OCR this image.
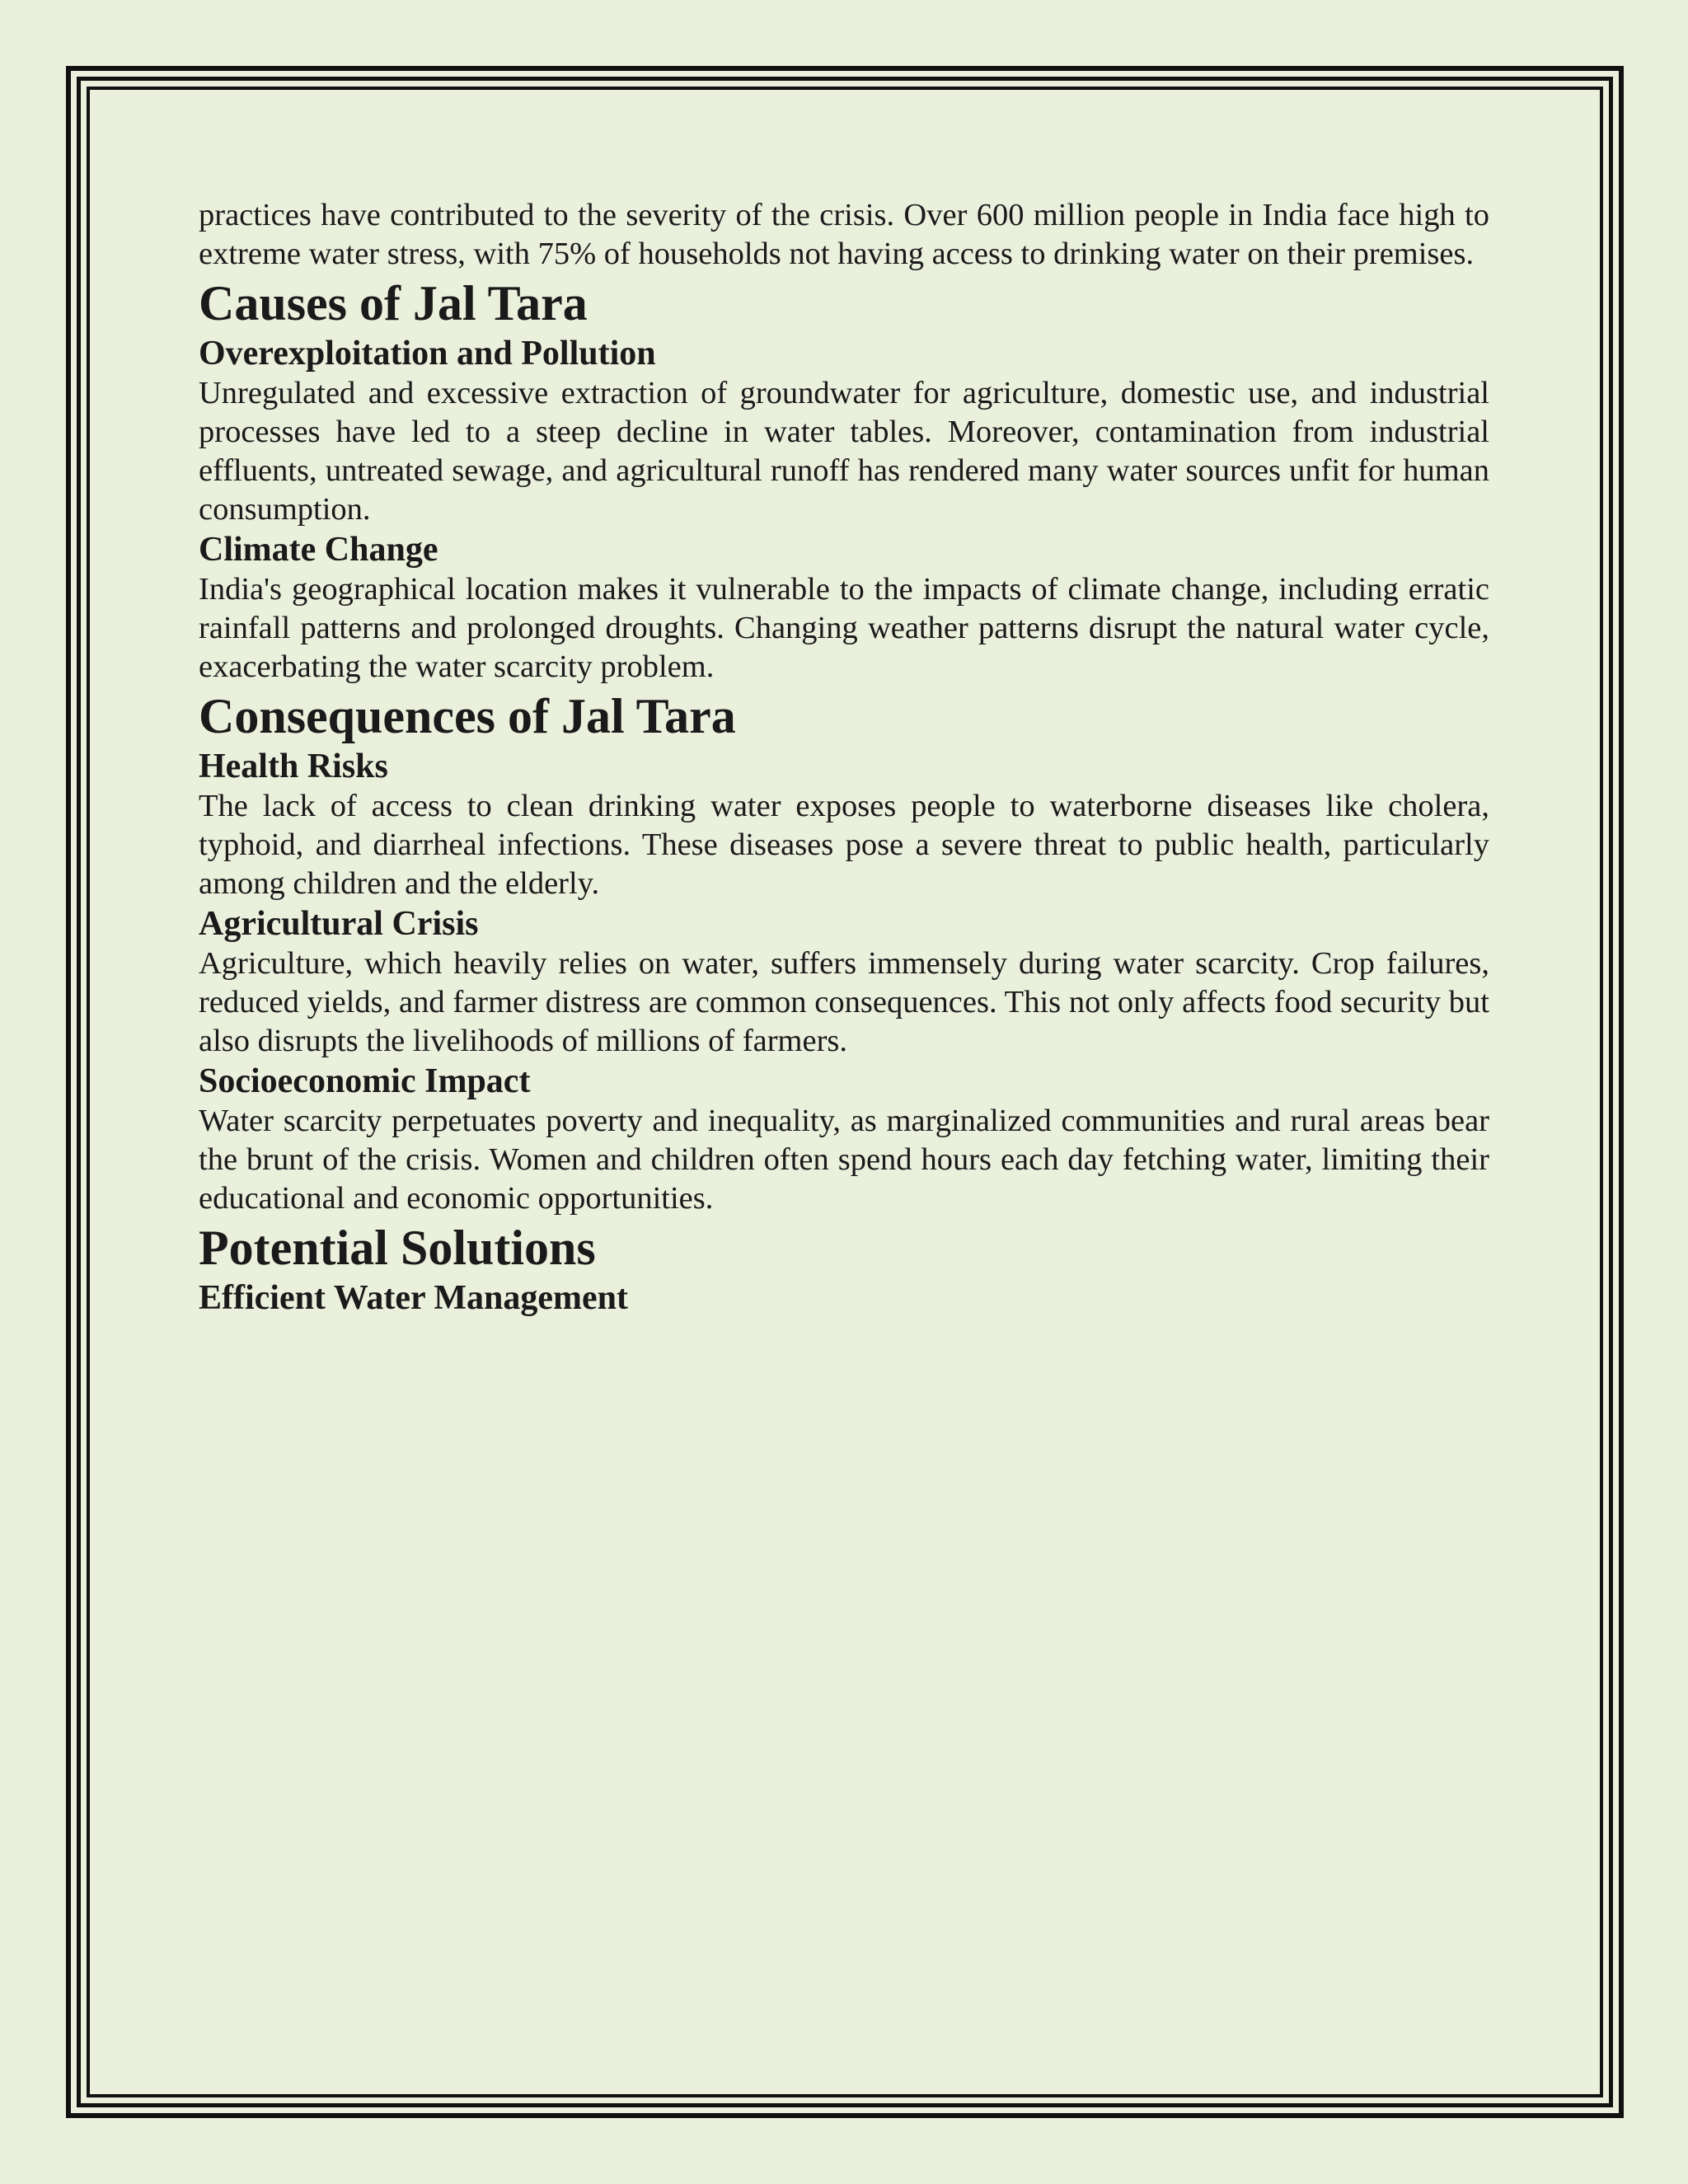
practices have contributed to the severity of the crisis. Over 600 million people in India face high to extreme water stress, with 75% of households not having access to drinking water on their premises.

Causes of Jal Tara
Overexploitation and Pollution

Unregulated and excessive extraction of groundwater for agriculture, domestic use, and industrial processes have led to a steep decline in water tables. Moreover, contamination from industrial effluents, untreated sewage, and agricultural runoff has rendered many water sources unfit for human consumption.

Climate Change

India's geographical location makes it vulnerable to the impacts of climate change, including erratic rainfall patterns and prolonged droughts. Changing weather patterns disrupt the natural water cycle, exacerbating the water scarcity problem.

Consequences of Jal Tara
Health Risks

The lack of access to clean drinking water exposes people to waterborne diseases like cholera, typhoid, and diarrheal infections. These diseases pose a severe threat to public health, particularly among children and the elderly.

Agricultural Crisis

Agriculture, which heavily relies on water, suffers immensely during water scarcity. Crop failures, reduced yields, and farmer distress are common consequences. This not only affects food security but also disrupts the livelihoods of millions of farmers.

Socioeconomic Impact

Water scarcity perpetuates poverty and inequality, as marginalized communities and rural areas bear the brunt of the crisis. Women and children often spend hours each day fetching water, limiting their educational and economic opportunities.

Potential Solutions
Efficient Water Management
